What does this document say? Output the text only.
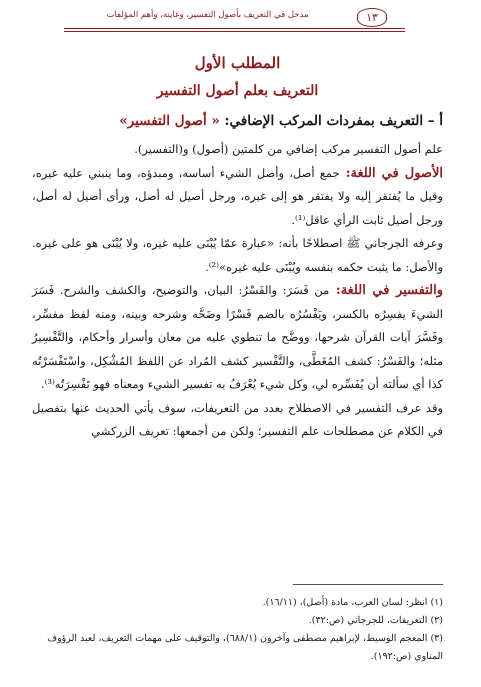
١٣
مدخل في التعريف بأصول التفسير، وغايته، وأهم المؤلفات
المطلب الأول
التعريف بعلم أصول التفسير
أ – التعريف بمفردات المركب الإضافي: « أصول التفسير»

علم أصول التفسير مركب إضافي من كلمتين (أصول) و(التفسير).

الأصول في اللغة: جمع أصل، وأصل الشيء أساسه، ومبدؤه، وما ينبني عليه غيره، وقيل ما يُفتقر إليه ولا يفتقر هو إلى غيره، ورجل أصيل له أصل، ورأى أصيل له أصل، ورجل أصيل ثابت الرأي عاقل⁽¹⁾.

وعرفه الجرجاني ﷺ اصطلاحًا بأنه: «عبارة عمّا يُبْنَى عليه غيره، ولا يُبْنَى هو على غيره. والأصل: ما يثبت حكمه بنفسه ويُبْنَى عليه غيره»⁽²⁾.

والتفسير في اللغة: من فَسَرَ: والفَسْرُ: البيان، والتوضيح، والكشف والشرح. فَسَرَ الشيءَ يفسِرُه بالكسر، ويَفْسُرُه بالضم فَسْرًا وضَحَّه وشرحه وبينه، ومنه لفظ مفسِّر، وفَسَّرَ آيات القرآن شرحها، ووضَّح ما تنطوي عليه من معان وأسرار وأحكام، والتَّفْسِيرُ مثله؛ والفَسْرُ: كشف المُغَطَّى، والتَّفْسير كشف المُراد عن اللفظ المُشْكِل، واسْتَفْسَرْتُه كذا أي سألته أن يُفَسِّره لي، وكل شيء يُعْرَفُ به تفسير الشيء ومعناه فهو تَفْسِرَتُه⁽³⁾.

وقد عرف التفسير في الاصطلاح بعدد من التعريفات، سوف يأتي الحديث عنها بتفصيل في الكلام عن مصطلحات علم التفسير؛ ولكن من أجمعها: تعريف الزركشي

(١) انظر: لسان العرب، مادة (أصل)، (١٦/١١).
(٢) التعريفات، للجرجاني (ص:٣٢).
(٣) المعجم الوسيط، لإبراهيم مصطفى وآخرون (٦٨٨/١)، والتوقيف على مهمات التعريف، لعبد الرؤوف المناوي (ص:١٩٢).
